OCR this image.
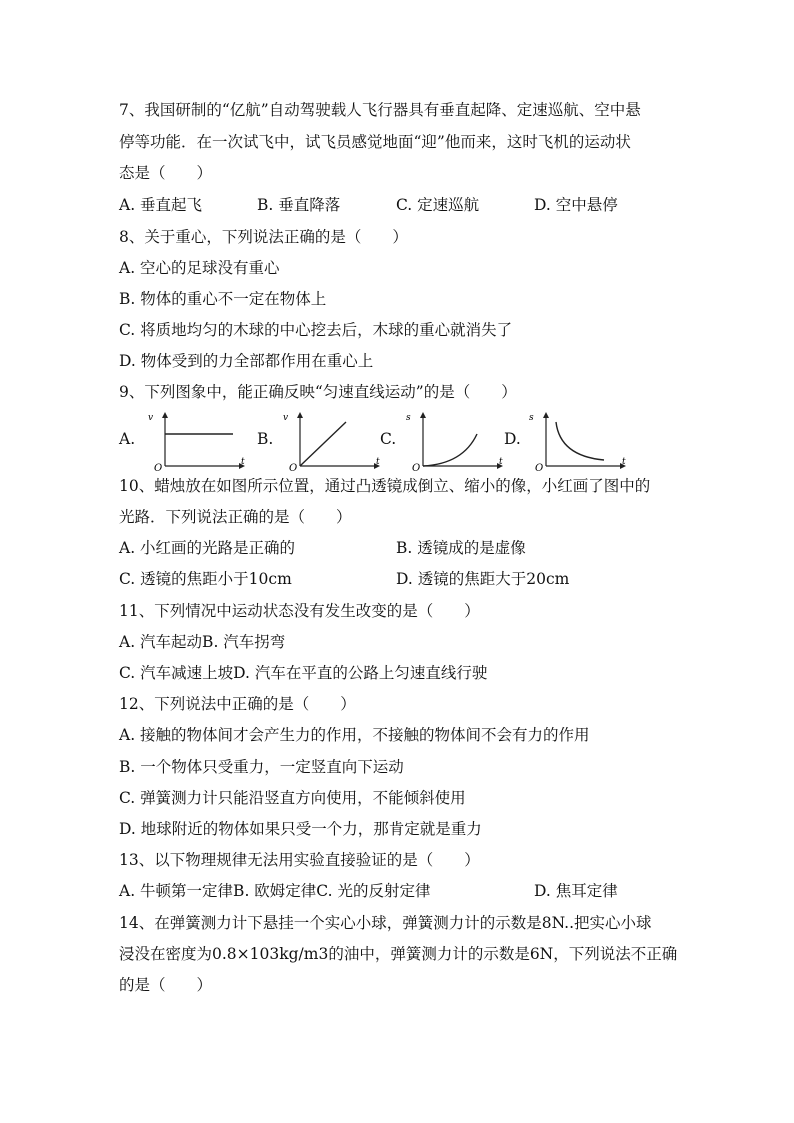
7、我国研制的“亿航”自动驾驶载人飞行器具有垂直起降、定速巡航、空中悬
停等功能．在一次试飞中，试飞员感觉地面“迎”他而来，这时飞机的运动状
态是（　　）
A. 垂直起飞	B. 垂直降落	C. 定速巡航	D. 空中悬停
8、关于重心，下列说法正确的是（　　）
A. 空心的足球没有重心
B. 物体的重心不一定在物体上
C. 将质地均匀的木球的中心挖去后，木球的重心就消失了
D. 物体受到的力全部都作用在重心上
9、下列图象中，能正确反映“匀速直线运动”的是（　　）
A.
v
t
O
B.
v
t
O
C.
s
t
O
D.
s
t
O
10、蜡烛放在如图所示位置，通过凸透镜成倒立、缩小的像，小红画了图中的
光路．下列说法正确的是（　　）
A. 小红画的光路是正确的	B. 透镜成的是虚像
C. 透镜的焦距小于10cm	D. 透镜的焦距大于20cm
11、下列情况中运动状态没有发生改变的是（　　）
A. 汽车起动B. 汽车拐弯
C. 汽车减速上坡D. 汽车在平直的公路上匀速直线行驶
12、下列说法中正确的是（　　）
A. 接触的物体间才会产生力的作用，不接触的物体间不会有力的作用
B. 一个物体只受重力，一定竖直向下运动
C. 弹簧测力计只能沿竖直方向使用，不能倾斜使用
D. 地球附近的物体如果只受一个力，那肯定就是重力
13、以下物理规律无法用实验直接验证的是（　　）
A. 牛顿第一定律B. 欧姆定律C. 光的反射定律	D. 焦耳定律
14、在弹簧测力计下悬挂一个实心小球，弹簧测力计的示数是8N..把实心小球
浸没在密度为0.8×103kg/m3的油中，弹簧测力计的示数是6N，下列说法不正确
的是（　　）
